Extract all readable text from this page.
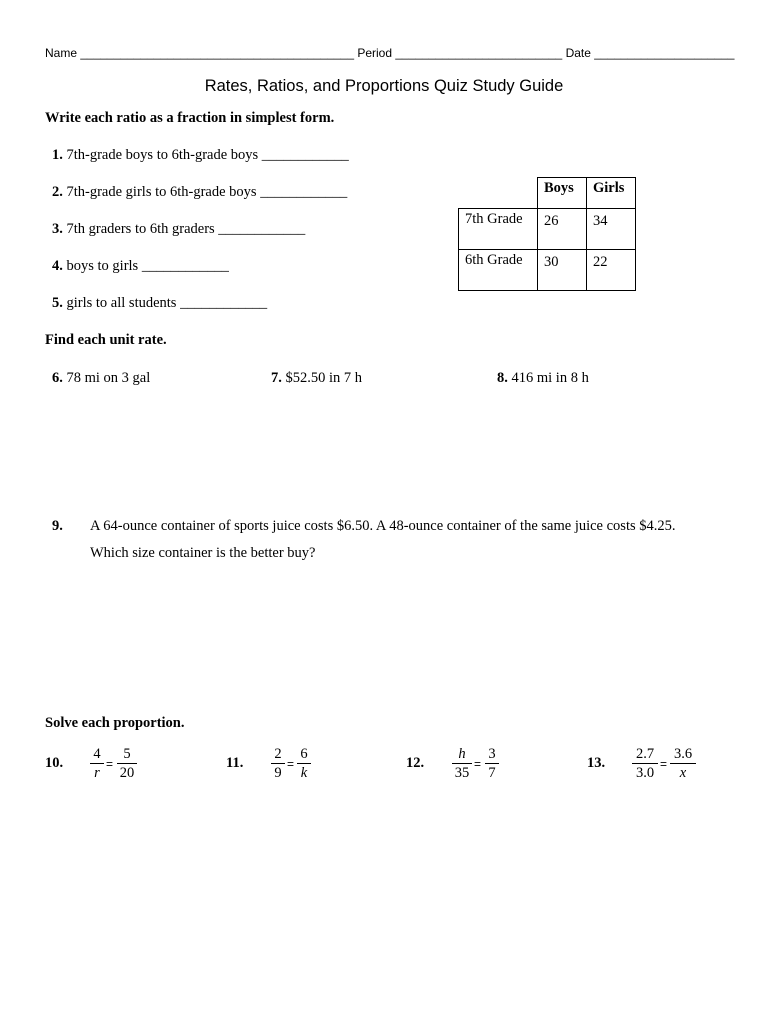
Name _________________________________________ Period _________________________ Date _____________________
Rates, Ratios, and Proportions Quiz Study Guide
Write each ratio as a fraction in simplest form.
1. 7th-grade boys to 6th-grade boys ____________
2. 7th-grade girls to 6th-grade boys ____________
3. 7th graders to 6th graders ____________
4. boys to girls ____________
5. girls to all students ____________
	Boys	Girls
7th Grade	26	34
6th Grade	30	22
Find each unit rate.
6. 78 mi on 3 gal	7. $52.50 in 7 h	8. 416 mi in 8 h
9. A 64-ounce container of sports juice costs $6.50. A 48-ounce container of the same juice costs $4.25.
Which size container is the better buy?
Solve each proportion.
10. $\frac{4}{r} = \frac{5}{20}$	11. $\frac{2}{9} = \frac{6}{k}$	12. $\frac{h}{35} = \frac{3}{7}$	13. $\frac{2.7}{3.0} = \frac{3.6}{x}$
